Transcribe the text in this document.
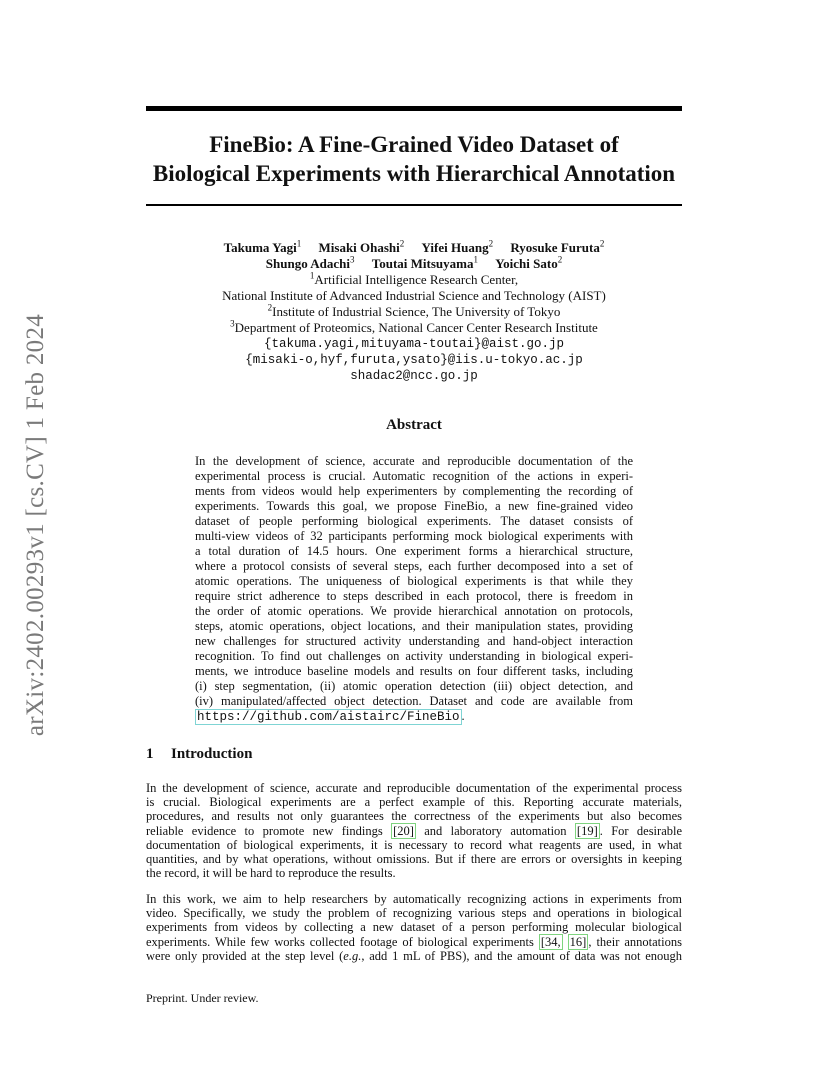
arXiv:2402.00293v1 [cs.CV] 1 Feb 2024
FineBio: A Fine-Grained Video Dataset of
Biological Experiments with Hierarchical Annotation
Takuma Yagi$^1$ Misaki Ohashi$^2$ Yifei Huang$^2$ Ryosuke Furuta$^2$
Shungo Adachi$^3$ Toutai Mitsuyama$^1$ Yoichi Sato$^2$
$^1$Artificial Intelligence Research Center,
National Institute of Advanced Industrial Science and Technology (AIST)
$^2$Institute of Industrial Science, The University of Tokyo
$^3$Department of Proteomics, National Cancer Center Research Institute
{takuma.yagi,mituyama-toutai}@aist.go.jp
{misaki-o,hyf,furuta,ysato}@iis.u-tokyo.ac.jp
shadac2@ncc.go.jp
Abstract
In the development of science, accurate and reproducible documentation of the
experimental process is crucial. Automatic recognition of the actions in experi-
ments from videos would help experimenters by complementing the recording of
experiments. Towards this goal, we propose FineBio, a new fine-grained video
dataset of people performing biological experiments. The dataset consists of
multi-view videos of 32 participants performing mock biological experiments with
a total duration of 14.5 hours. One experiment forms a hierarchical structure,
where a protocol consists of several steps, each further decomposed into a set of
atomic operations. The uniqueness of biological experiments is that while they
require strict adherence to steps described in each protocol, there is freedom in
the order of atomic operations. We provide hierarchical annotation on protocols,
steps, atomic operations, object locations, and their manipulation states, providing
new challenges for structured activity understanding and hand-object interaction
recognition. To find out challenges on activity understanding in biological experi-
ments, we introduce baseline models and results on four different tasks, including
(i) step segmentation, (ii) atomic operation detection (iii) object detection, and
(iv) manipulated/affected object detection. Dataset and code are available from
https://github.com/aistairc/FineBio .
1 Introduction
In the development of science, accurate and reproducible documentation of the experimental process
is crucial. Biological experiments are a perfect example of this. Reporting accurate materials,
procedures, and results not only guarantees the correctness of the experiments but also becomes
reliable evidence to promote new findings [20] and laboratory automation [19] . For desirable
documentation of biological experiments, it is necessary to record what reagents are used, in what
quantities, and by what operations, without omissions. But if there are errors or oversights in keeping
the record, it will be hard to reproduce the results.
In this work, we aim to help researchers by automatically recognizing actions in experiments from
video. Specifically, we study the problem of recognizing various steps and operations in biological
experiments from videos by collecting a new dataset of a person performing molecular biological
experiments. While few works collected footage of biological experiments [34, 16] , their annotations
were only provided at the step level (e.g., add 1 mL of PBS), and the amount of data was not enough
Preprint. Under review.
